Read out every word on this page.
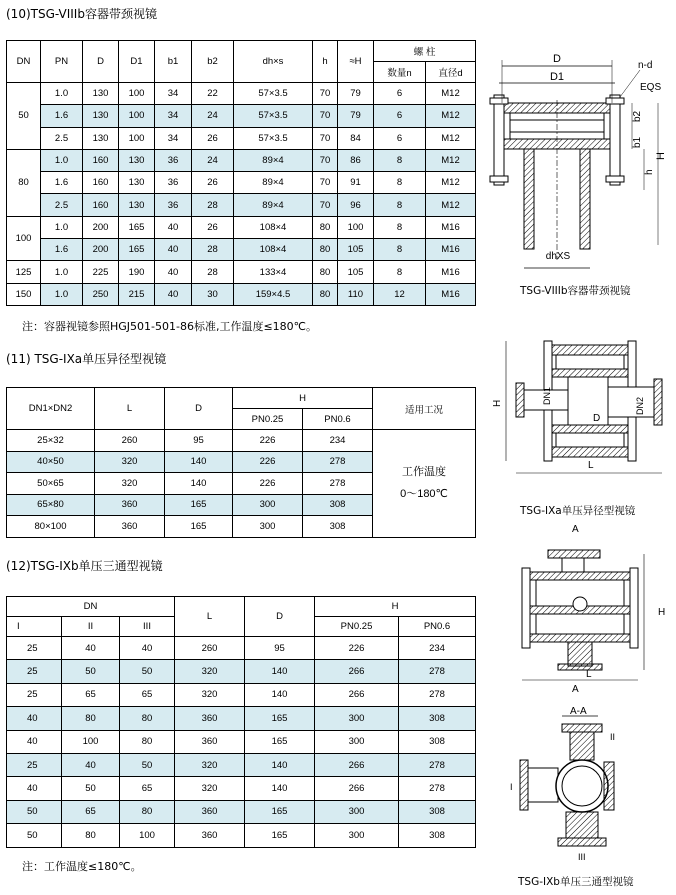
(10)TSG-VIIIb容器带颈视镜
DN	PN	D	D1	b1	b2	dh×s	h	≈H	螺 柱	
									数量n	直径d
50	1.0	130	100	34	22	57×3.5	70	79	6	M12
	1.6	130	100	34	24	57×3.5	70	79	6	M12
	2.5	130	100	34	26	57×3.5	70	84	6	M12
80	1.0	160	130	36	24	89×4	70	86	8	M12
	1.6	160	130	36	26	89×4	70	91	8	M12
	2.5	160	130	36	28	89×4	70	96	8	M12
100	1.0	200	165	40	26	108×4	80	100	8	M16
	1.6	200	165	40	28	108×4	80	105	8	M16
125	1.0	225	190	40	28	133×4	80	105	8	M16
150	1.0	250	215	40	30	159×4.5	80	110	12	M16
注：容器视镜参照HGJ501-501-86标准,工作温度≤180℃。
D
D1
n-d
EQS
b2
b1
h
H
dhXS
TSG-VIIIb容器带颈视镜
(11) TSG-IXa单压异径型视镜
DN1×DN2	L	D	H		适用工况
			PN0.25	PN0.6	
25×32	260	95	226	234	工作温度
0～180℃

40×50	320	140	226	278	
50×65	320	140	226	278	
65×80	360	165	300	308	
80×100	360	165	300	308	
DN1
DN2
D
H
L
TSG-IXa单压异径型视镜
(12)TSG-IXb单压三通型视镜
DN			L	D	H	
I	II	III			PN0.25	PN0.6
25	40	40	260	95	226	234
25	50	50	320	140	266	278
25	65	65	320	140	266	278
40	80	80	360	165	300	308
40	100	80	360	165	300	308
25	40	50	320	140	266	278
40	50	65	320	140	266	278
50	65	80	360	165	300	308
50	80	100	360	165	300	308
注：工作温度≤180℃。
A
H
L
A
A-A
II
I
III
TSG-IXb单压三通型视镜
